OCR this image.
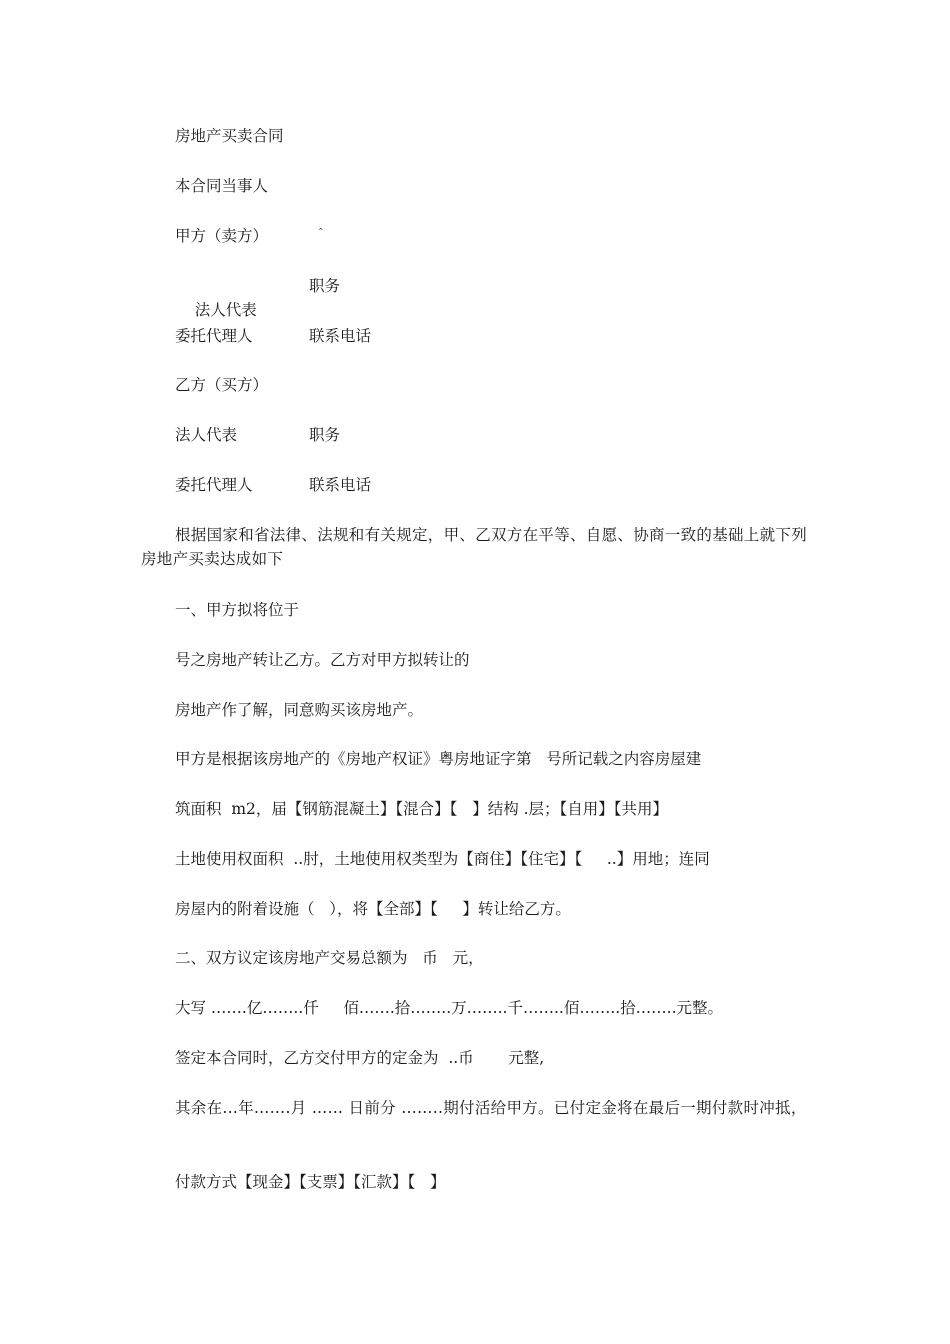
房地产买卖合同
本合同当事人
甲方（卖方）	ˆ

法人代表

职务
委托代理人	联系电话
乙方（买方）
法人代表	职务
委托代理人	联系电话
根据国家和省法律、法规和有关规定，甲、乙双方在平等、自愿、协商一致的基础上就下列 房地产买卖达成如下
一、甲方拟将位于
号之房地产转让乙方。乙方对甲方拟转让的
房地产作了解，同意购买该房地产。
甲方是根据该房地产的《房地产权证》粤房地证字第   号所记载之内容房屋建
筑面积  m2，届【钢筋混凝土】【混合】【   】结构 .层；【自用】【共用】
土地使用权面积  ..肘，土地使用权类型为【商住】【住宅】【     ..】用地；连同
房屋内的附着设施（   ），将【全部】【     】转让给乙方。
二、双方议定该房地产交易总额为   币   元，
大写 …….亿……..仟     佰…….拾……..万……..千……..佰……..拾……..元整。
签定本合同时，乙方交付甲方的定金为  ..币       元整,
其余在...年…….月 …… 日前分 ……..期付活给甲方。已付定金将在最后一期付款时冲抵，
付款方式【现金】【支票】【汇款】【   】
